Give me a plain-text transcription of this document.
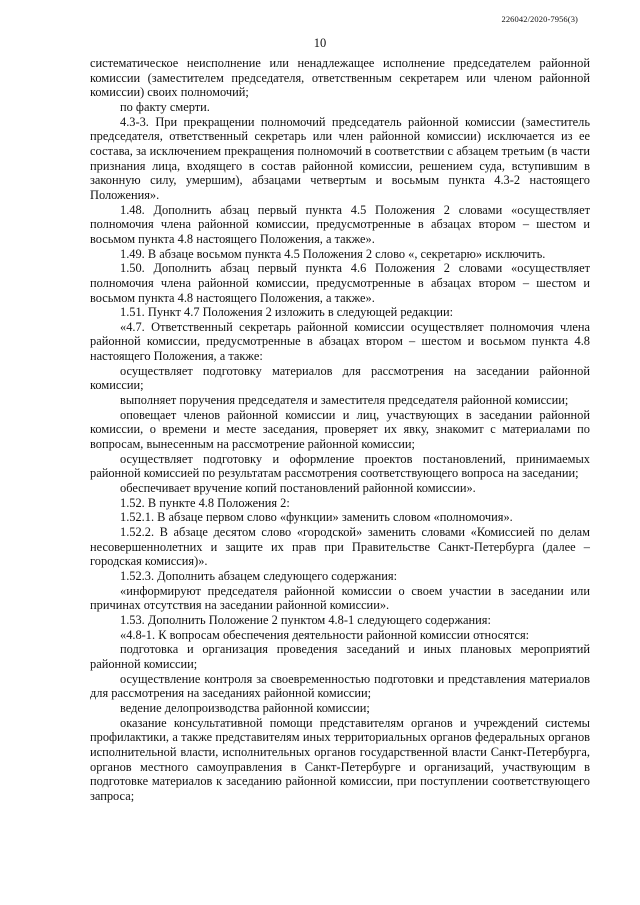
226042/2020-7956(3)
10

систематическое неисполнение или ненадлежащее исполнение председателем районной комиссии (заместителем председателя, ответственным секретарем или членом районной комиссии) своих полномочий;

по факту смерти.

4.3-3. При прекращении полномочий председатель районной комиссии (заместитель председателя, ответственный секретарь или член районной комиссии) исключается из ее состава, за исключением прекращения полномочий в соответствии с абзацем третьим (в части признания лица, входящего в состав районной комиссии, решением суда, вступившим в законную силу, умершим), абзацами четвертым и восьмым пункта 4.3-2 настоящего Положения».

1.48. Дополнить абзац первый пункта 4.5 Положения 2 словами «осуществляет полномочия члена районной комиссии, предусмотренные в абзацах втором – шестом и восьмом пункта 4.8 настоящего Положения, а также».

1.49. В абзаце восьмом пункта 4.5 Положения 2 слово «, секретарю» исключить.

1.50. Дополнить абзац первый пункта 4.6 Положения 2 словами «осуществляет полномочия члена районной комиссии, предусмотренные в абзацах втором – шестом и восьмом пункта 4.8 настоящего Положения, а также».

1.51. Пункт 4.7 Положения 2 изложить в следующей редакции:

«4.7. Ответственный секретарь районной комиссии осуществляет полномочия члена районной комиссии, предусмотренные в абзацах втором – шестом и восьмом пункта 4.8 настоящего Положения, а также:

осуществляет подготовку материалов для рассмотрения на заседании районной комиссии;

выполняет поручения председателя и заместителя председателя районной комиссии;

оповещает членов районной комиссии и лиц, участвующих в заседании районной комиссии, о времени и месте заседания, проверяет их явку, знакомит с материалами по вопросам, вынесенным на рассмотрение районной комиссии;

осуществляет подготовку и оформление проектов постановлений, принимаемых районной комиссией по результатам рассмотрения соответствующего вопроса на заседании;

обеспечивает вручение копий постановлений районной комиссии».

1.52. В пункте 4.8 Положения 2:

1.52.1. В абзаце первом слово «функции» заменить словом «полномочия».

1.52.2. В абзаце десятом слово «городской» заменить словами «Комиссией по делам несовершеннолетних и защите их прав при Правительстве Санкт-Петербурга (далее – городская комиссия)».

1.52.3. Дополнить абзацем следующего содержания:

«информируют председателя районной комиссии о своем участии в заседании или причинах отсутствия на заседании районной комиссии».

1.53. Дополнить Положение 2 пунктом 4.8-1 следующего содержания:

«4.8-1. К вопросам обеспечения деятельности районной комиссии относятся:

подготовка и организация проведения заседаний и иных плановых мероприятий районной комиссии;

осуществление контроля за своевременностью подготовки и представления материалов для рассмотрения на заседаниях районной комиссии;

ведение делопроизводства районной комиссии;

оказание консультативной помощи представителям органов и учреждений системы профилактики, а также представителям иных территориальных органов федеральных органов исполнительной власти, исполнительных органов государственной власти Санкт-Петербурга, органов местного самоуправления в Санкт-Петербурге и организаций, участвующим в подготовке материалов к заседанию районной комиссии, при поступлении соответствующего запроса;
